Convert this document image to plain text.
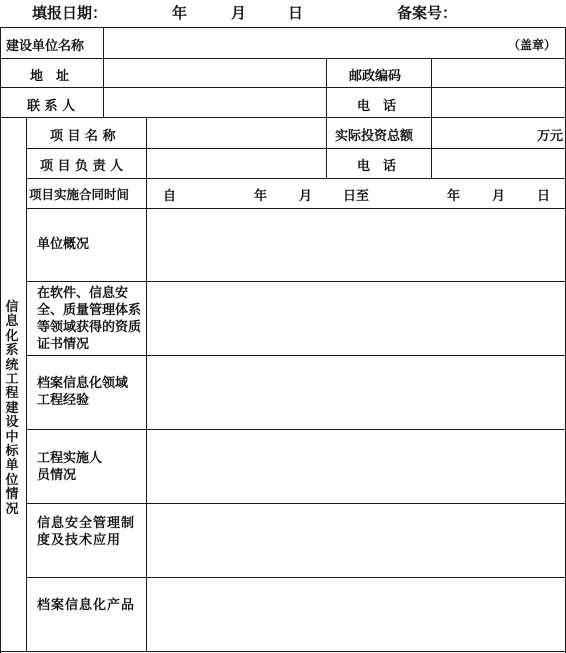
填报日期：	年	月	日	备案号：
建设单位名称	（盖章）
地　址	邮政编码
联 系 人	电　话
信息化系统工程建设中标单位情况
项 目 名 称	实际投资总额	万元
项 目 负 责 人	电　话
项目实施合同时间	自	年 月 日至	年 月 日
单位概况
在软件、信息安全、质量管理体系等领域获得的资质证书情况
档案信息化领域工程经验
工程实施人员情况
信息安全管理制度及技术应用
档案信息化产品
